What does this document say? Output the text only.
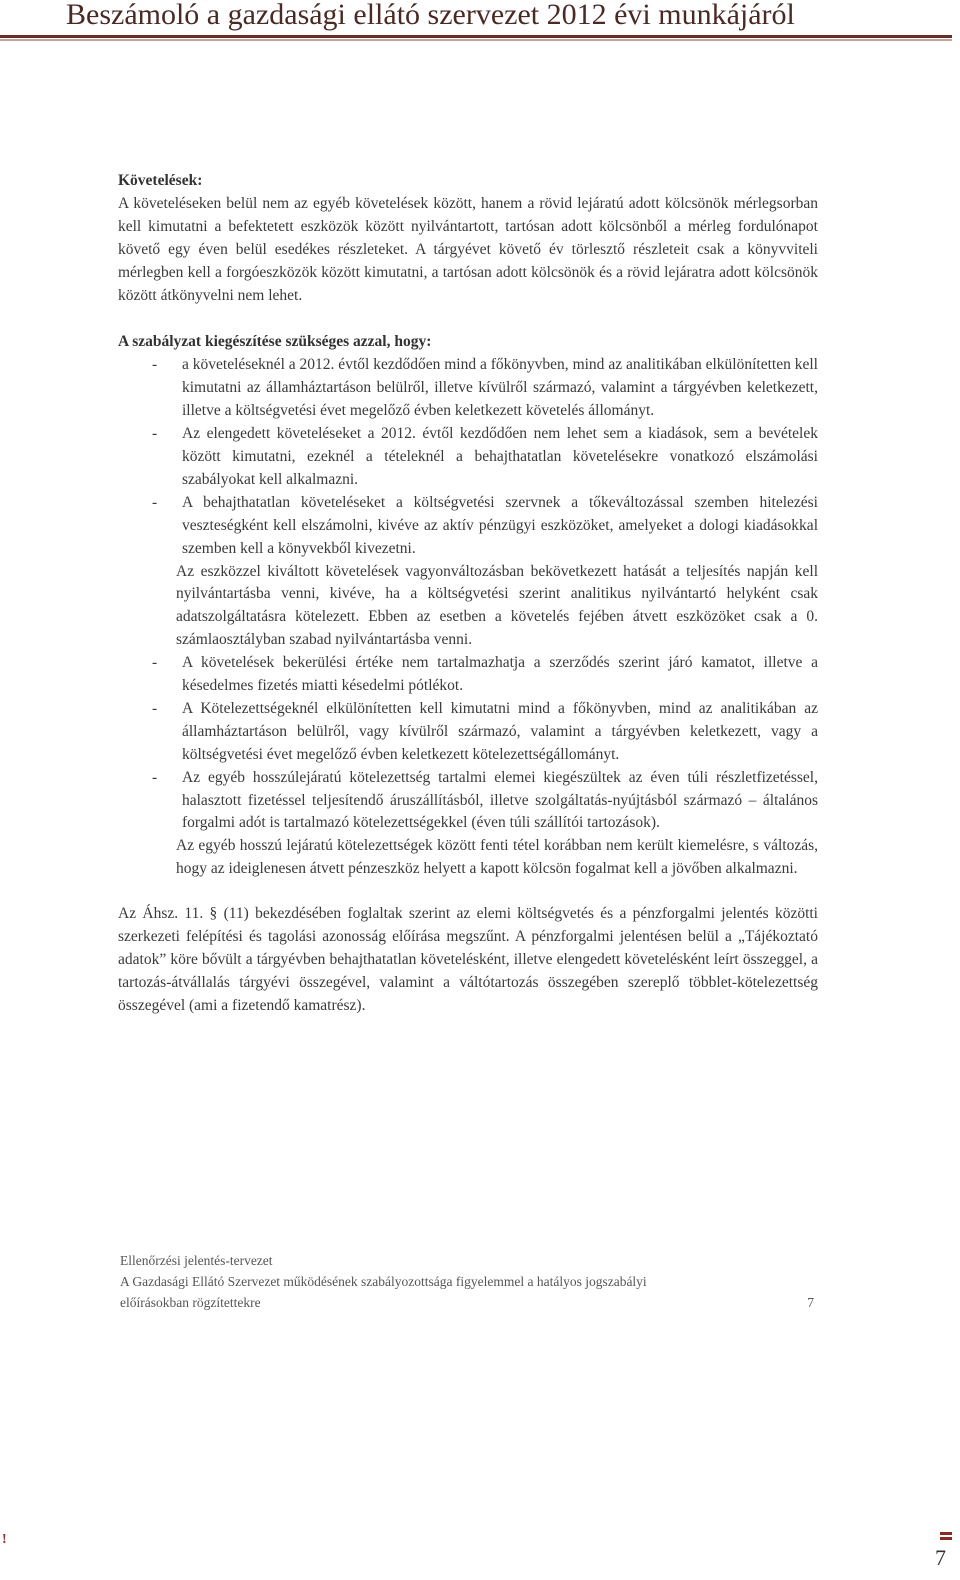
Beszámoló a gazdasági ellátó szervezet 2012 évi munkájáról

Követelések:

A követeléseken belül nem az egyéb követelések között, hanem a rövid lejáratú adott kölcsönök mérlegsorban kell kimutatni a befektetett eszközök között nyilvántartott, tartósan adott kölcsönből a mérleg fordulónapot követő egy éven belül esedékes részleteket. A tárgyévet követő év törlesztő részleteit csak a könyvviteli mérlegben kell a forgóeszközök között kimutatni, a tartósan adott kölcsönök és a rövid lejáratra adott kölcsönök között átkönyvelni nem lehet.

A szabályzat kiegészítése szükséges azzal, hogy:

- a követeléseknél a 2012. évtől kezdődően mind a főkönyvben, mind az analitikában elkülönítetten kell kimutatni az államháztartáson belülről, illetve kívülről származó, valamint a tárgyévben keletkezett, illetve a költségvetési évet megelőző évben keletkezett követelés állományt.
- Az elengedett követeléseket a 2012. évtől kezdődően nem lehet sem a kiadások, sem a bevételek között kimutatni, ezeknél a tételeknél a behajthatatlan követelésekre vonatkozó elszámolási szabályokat kell alkalmazni.
- A behajthatatlan követeléseket a költségvetési szervnek a tőkeváltozással szemben hitelezési veszteségként kell elszámolni, kivéve az aktív pénzügyi eszközöket, amelyeket a dologi kiadásokkal szemben kell a könyvekből kivezetni.
Az eszközzel kiváltott követelések vagyonváltozásban bekövetkezett hatását a teljesítés napján kell nyilvántartásba venni, kivéve, ha a költségvetési szerint analitikus nyilvántartó helyként csak adatszolgáltatásra kötelezett. Ebben az esetben a követelés fejében átvett eszközöket csak a 0. számlaosztályban szabad nyilvántartásba venni.
- A követelések bekerülési értéke nem tartalmazhatja a szerződés szerint járó kamatot, illetve a késedelmes fizetés miatti késedelmi pótlékot.
- A Kötelezettségeknél elkülönítetten kell kimutatni mind a főkönyvben, mind az analitikában az államháztartáson belülről, vagy kívülről származó, valamint a tárgyévben keletkezett, vagy a költségvetési évet megelőző évben keletkezett kötelezettségállományt.
- Az egyéb hosszúlejáratú kötelezettség tartalmi elemei kiegészültek az éven túli részletfizetéssel, halasztott fizetéssel teljesítendő áruszállításból, illetve szolgáltatás-nyújtásból származó – általános forgalmi adót is tartalmazó kötelezettségekkel (éven túli szállítói tartozások).
Az egyéb hosszú lejáratú kötelezettségek között fenti tétel korábban nem került kiemelésre, s változás, hogy az ideiglenesen átvett pénzeszköz helyett a kapott kölcsön fogalmat kell a jövőben alkalmazni.

Az Áhsz. 11. § (11) bekezdésében foglaltak szerint az elemi költségvetés és a pénzforgalmi jelentés közötti szerkezeti felépítési és tagolási azonosság előírása megszűnt. A pénzforgalmi jelentésen belül a „Tájékoztató adatok” köre bővült a tárgyévben behajthatatlan követelésként, illetve elengedett követelésként leírt összeggel, a tartozás-átvállalás tárgyévi összegével, valamint a váltótartozás összegében szereplő többlet-kötelezettség összegével (ami a fizetendő kamatrész).

Ellenőrzési jelentés-tervezet
A Gazdasági Ellátó Szervezet működésének szabályozottsága figyelemmel a hatályos jogszabályi
előírásokban rögzítettekre	7
!
7
